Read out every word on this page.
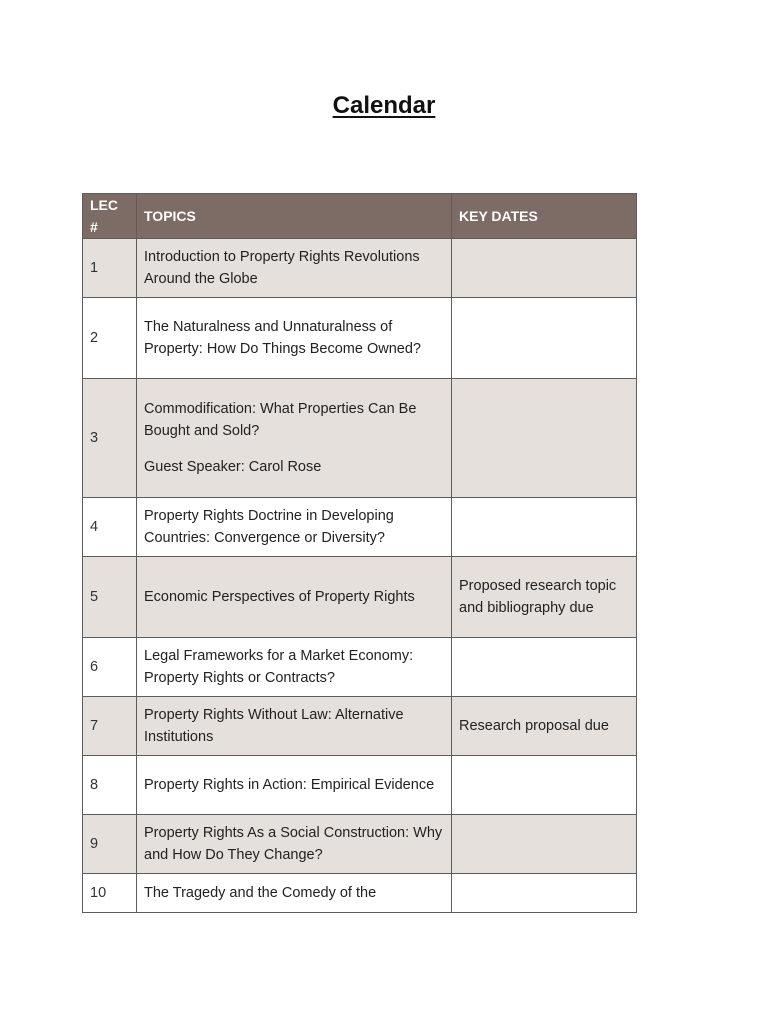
Calendar
LEC #	TOPICS	KEY DATES
1	Introduction to Property Rights Revolutions Around the Globe	

2	The Naturalness and Unnaturalness of Property: How Do Things Become Owned?	

3	Commodification: What Properties Can Be Bought and Sold?
Guest Speaker: Carol Rose	

4	Property Rights Doctrine in Developing Countries: Convergence or Diversity?	

5	Economic Perspectives of Property Rights	Proposed research topic and bibliography due
6	Legal Frameworks for a Market Economy: Property Rights or Contracts?	

7	Property Rights Without Law: Alternative Institutions	Research proposal due
8	Property Rights in Action: Empirical Evidence	

9	Property Rights As a Social Construction: Why and How Do They Change?	

10	The Tragedy and the Comedy of the	
